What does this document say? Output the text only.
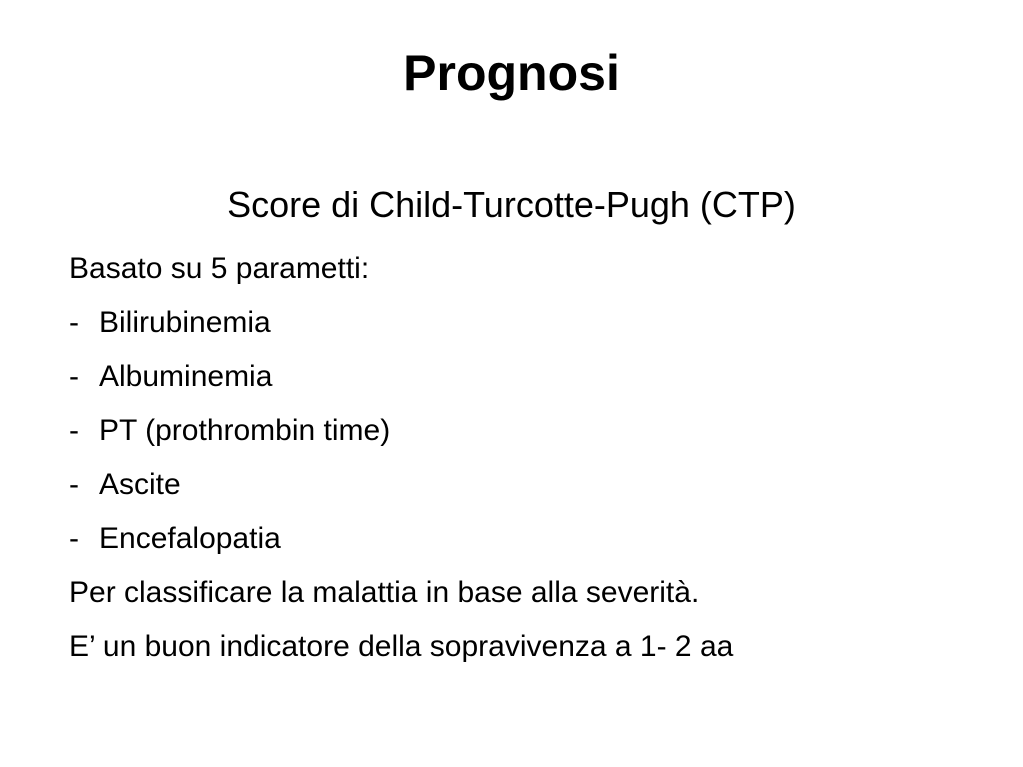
Prognosi
Score di Child-Turcotte-Pugh (CTP)
Basato su 5 parametti:
- Bilirubinemia
- Albuminemia
- PT (prothrombin time)
- Ascite
- Encefalopatia
Per classificare la malattia in base alla severità.
E’ un buon indicatore della sopravivenza a 1- 2 aa
